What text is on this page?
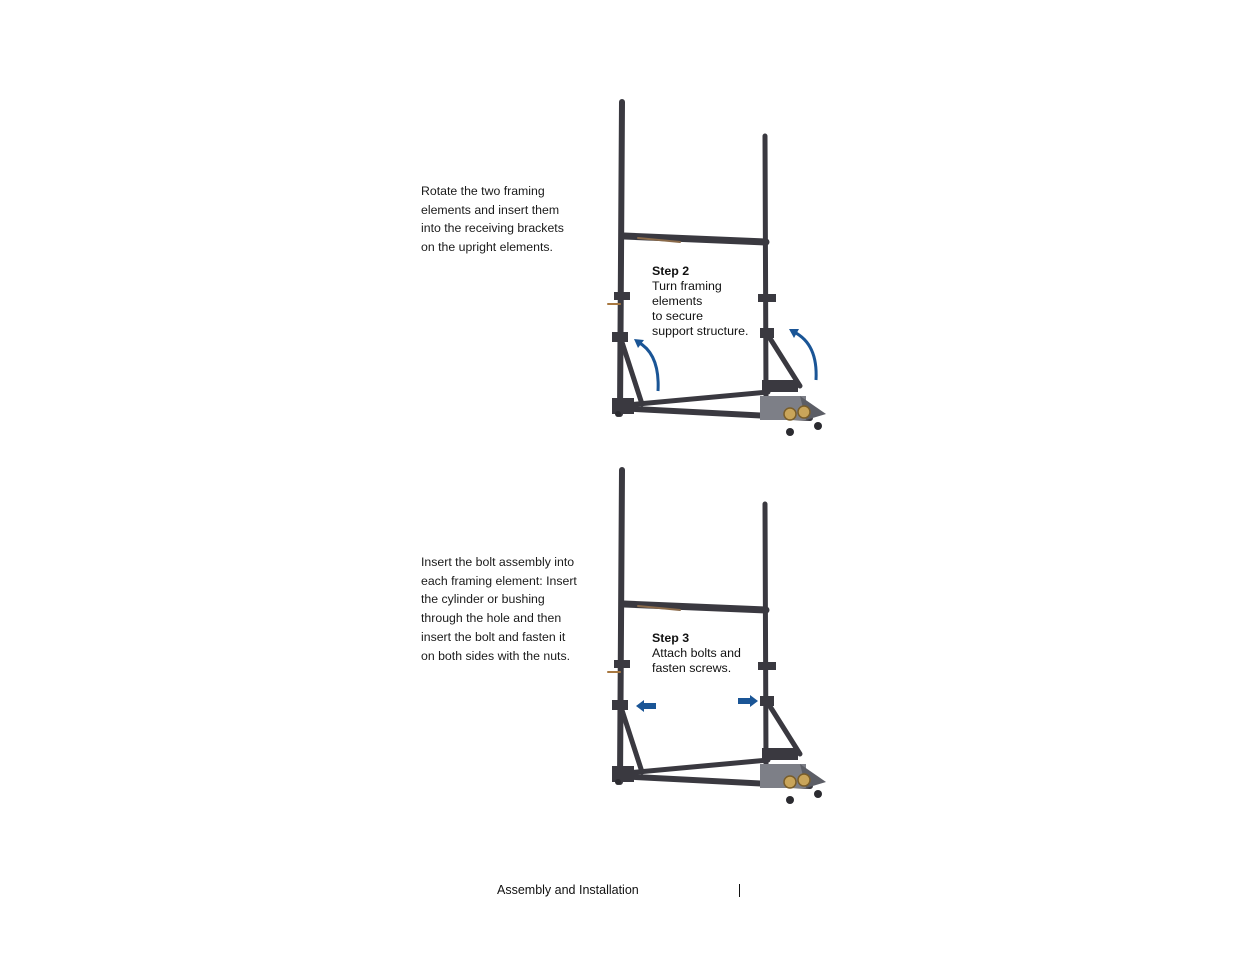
Rotate the two framing
elements and insert them
into the receiving brackets
on the upright elements.
Step 2
Turn framing
elements
to secure
support structure.
Insert the bolt assembly into
each framing element: Insert
the cylinder or bushing
through the hole and then
insert the bolt and fasten it
on both sides with the nuts.
Step 3
Attach bolts and
fasten screws.
Assembly and Installation
